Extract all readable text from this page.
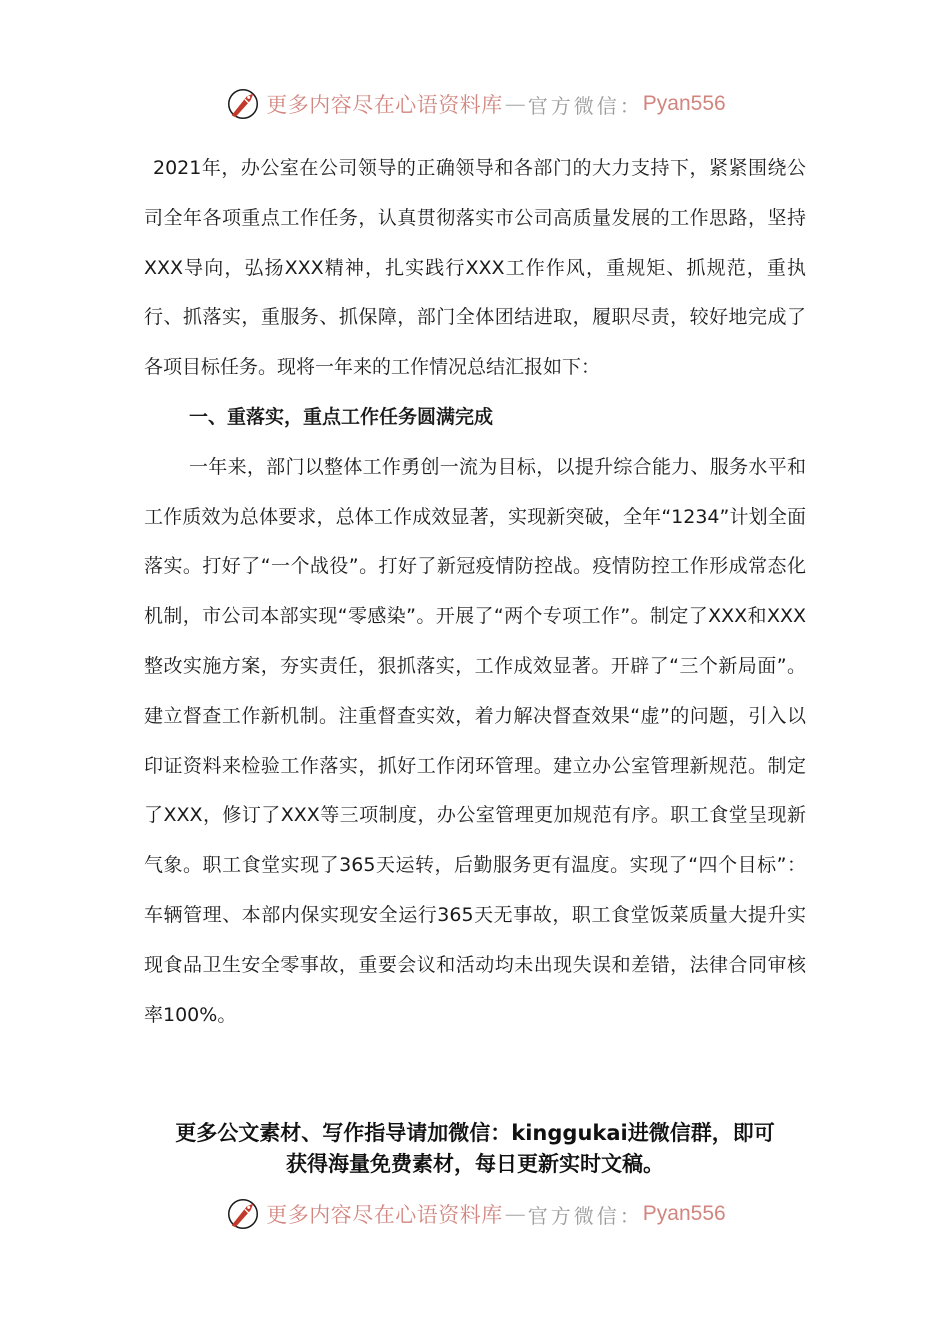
更多内容尽在心语资料库 — 官方微信： Pyan556

2021年，办公室在公司领导的正确领导和各部门的大力支持下，紧紧围绕公司全年各项重点工作任务，认真贯彻落实市公司高质量发展的工作思路，坚持XXX导向，弘扬XXX精神，扎实践行XXX工作作风，重规矩、抓规范，重执行、抓落实，重服务、抓保障，部门全体团结进取，履职尽责，较好地完成了各项目标任务。现将一年来的工作情况总结汇报如下：

一、重落实，重点工作任务圆满完成

一年来，部门以整体工作勇创一流为目标，以提升综合能力、服务水平和工作质效为总体要求，总体工作成效显著，实现新突破，全年“1234”计划全面落实。打好了“一个战役”。打好了新冠疫情防控战。疫情防控工作形成常态化机制，市公司本部实现“零感染”。开展了“两个专项工作”。制定了XXX和XXX整改实施方案，夯实责任，狠抓落实，工作成效显著。开辟了“三个新局面”。建立督查工作新机制。注重督查实效，着力解决督查效果“虚”的问题，引入以印证资料来检验工作落实，抓好工作闭环管理。建立办公室管理新规范。制定了XXX，修订了XXX等三项制度，办公室管理更加规范有序。职工食堂呈现新气象。职工食堂实现了365天运转，后勤服务更有温度。实现了“四个目标”：车辆管理、本部内保实现安全运行365天无事故，职工食堂饭菜质量大提升实现食品卫生安全零事故，重要会议和活动均未出现失误和差错，法律合同审核率100%。

更多公文素材、写作指导请加微信：kinggukai进微信群，即可
获得海量免费素材，每日更新实时文稿。
更多内容尽在心语资料库 — 官方微信： Pyan556
